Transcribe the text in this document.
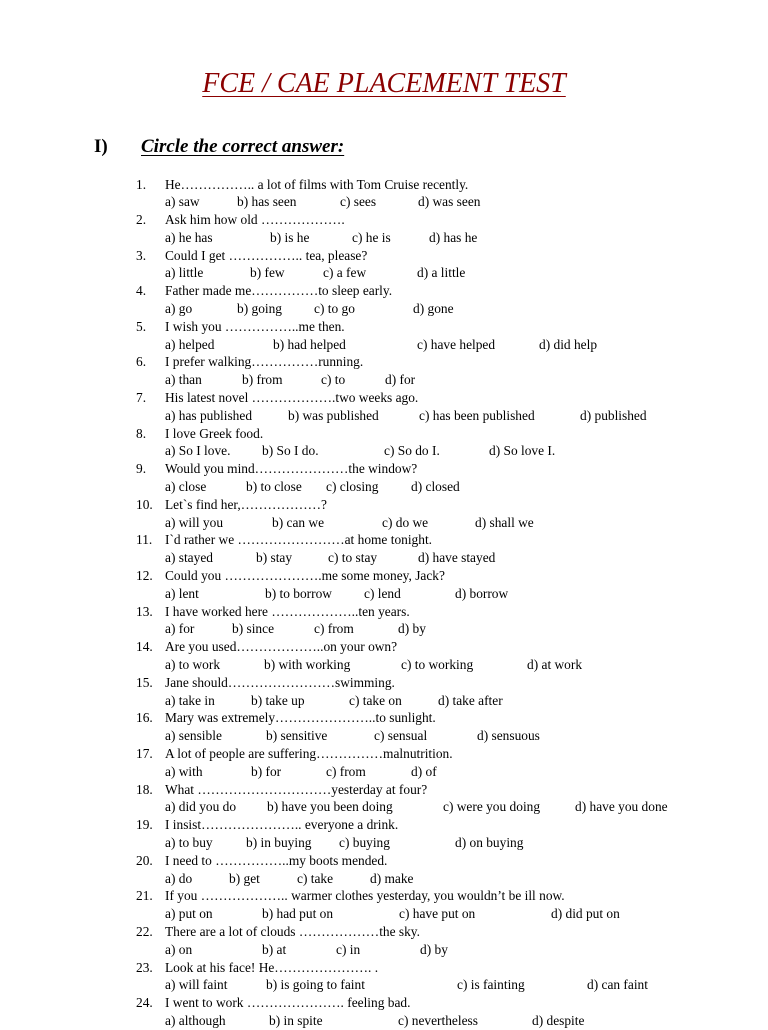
FCE / CAE PLACEMENT TEST
I) Circle the correct answer:
1.	He…………….. a lot of films with Tom Cruise recently.
a) saw	b) has seen	c) sees	d) was seen
2.	Ask him how old ……………….
a) he has	b) is he	c) he is	d) has he
3.	Could I get …………….. tea, please?
a) little	b) few	c) a few	d) a little
4.	Father made me……………to sleep early.
a) go	b) going c) to go	d) gone
5.	I wish you ……………..me then.
a) helped	b) had helped	c) have helped	d) did help
6.	I prefer walking……………running.
a) than	b) from	c) to	d) for
7.	His latest novel ……………….two weeks ago.
a) has published	b) was published	c) has been published	d) published
8.	I love Greek food.
a) So I love. b) So I do.	c) So do I.	d) So love I.
9.	Would you mind…………………the window?
a) close	b) to close c) closing d) closed
10. Let`s find her,………………?
a) will you	b) can we	c) do we	d) shall we
11. I`d rather we ……………………at home tonight.
a) stayed	b) stay	c) to stay	d) have stayed
12. Could you ………………….me some money, Jack?
a) lent	b) to borrow c) lend	d) borrow
13. I have worked here ………………..ten years.
a) for	b) since	c) from	d) by
14. Are you used………………..on your own?
a) to work	b) with working	c) to working	d) at work
15. Jane should……………………swimming.
a) take in	b) take up	c) take on	d) take after
16. Mary was extremely…………………..to sunlight.
a) sensible	b) sensitive	c) sensual	d) sensuous
17. A lot of people are suffering……………malnutrition.
a) with	b) for	c) from	d) of
18. What …………………………yesterday at four?
a) did you do b) have you been doing	c) were you doing	d) have you done
19. I insist………………….. everyone a drink.
a) to buy b) in buying c) buying	d) on buying
20. I need to ……………..my boots mended.
a) do	b) get	c) take	d) make
21. If you ……………….. warmer clothes yesterday, you wouldn’t be ill now.
a) put on	b) had put on	c) have put on	d) did put on
22. There are a lot of clouds ………………the sky.
a) on	b) at	c) in	d) by
23. Look at his face! He…………………. .
a) will faint	b) is going to faint	c) is fainting	d) can faint
24. I went to work …………………. feeling bad.
a) although	b) in spite	c) nevertheless	d) despite
